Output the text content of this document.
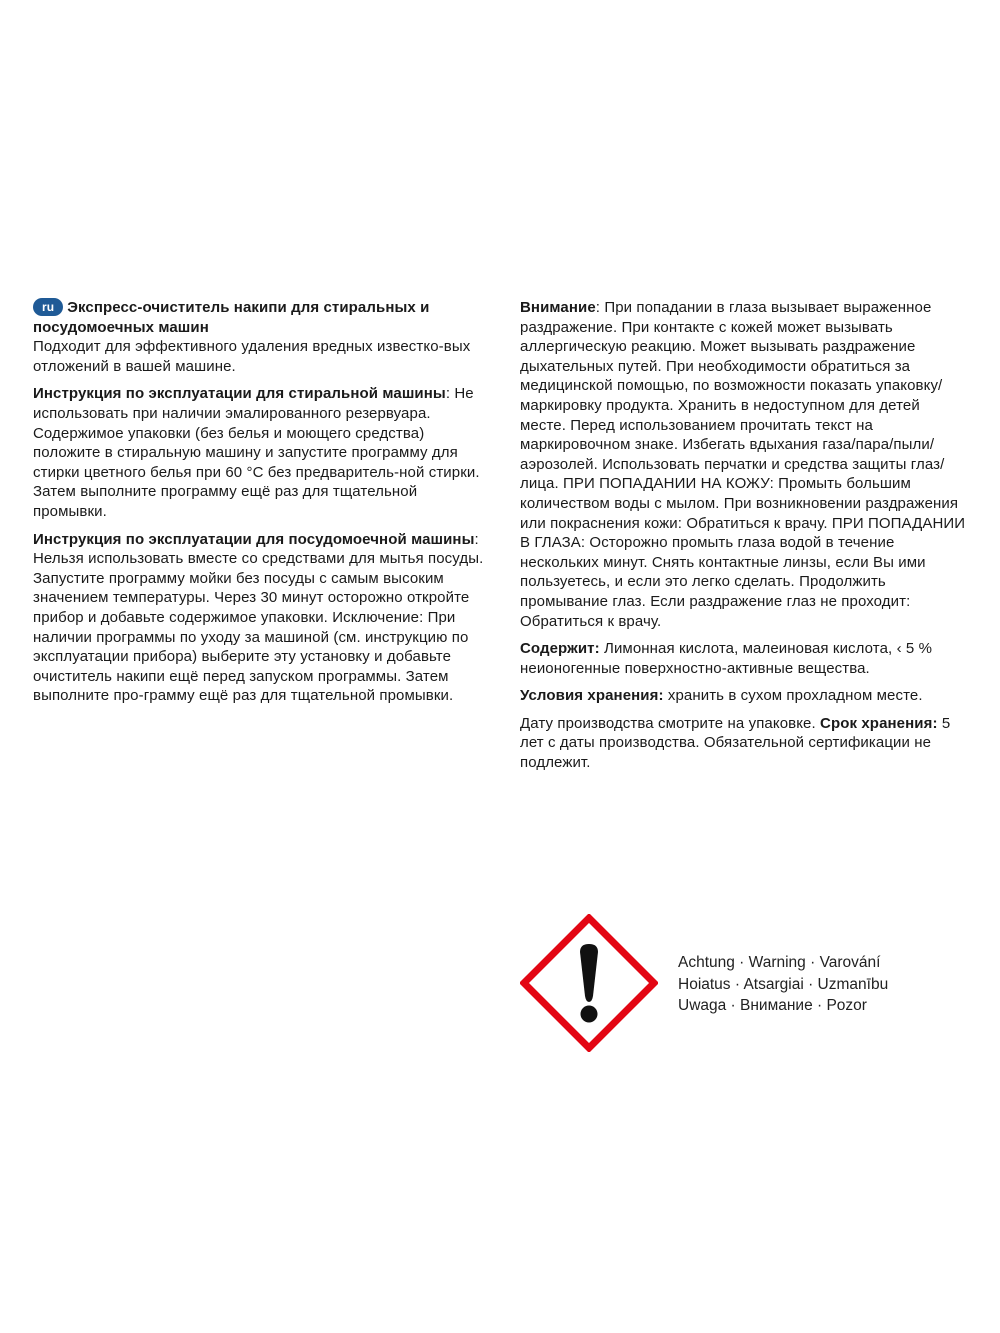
ru Экспресс-очиститель накипи для стиральных и посудомоечных машин

Подходит для эффективного удаления вредных известко-вых отложений в вашей машине.

Инструкция по эксплуатации для стиральной машины: Не использовать при наличии эмалированного резервуара. Содержимое упаковки (без белья и моющего средства) положите в стиральную машину и запустите программу для стирки цветного белья при 60 °C без предваритель-ной стирки. Затем выполните программу ещё раз для тщательной промывки.

Инструкция по эксплуатации для посудомоечной машины: Нельзя использовать вместе со средствами для мытья посуды. Запустите программу мойки без посуды с самым высоким значением температуры. Через 30 минут осторожно откройте прибор и добавьте содержимое упаковки. Исключение: При наличии программы по уходу за машиной (см. инструкцию по эксплуатации прибора) выберите эту установку и добавьте очиститель накипи ещё перед запуском программы. Затем выполните про-грамму ещё раз для тщательной промывки.

Внимание: При попадании в глаза вызывает выраженное раздражение. При контакте с кожей может вызывать аллергическую реакцию. Может вызывать раздражение дыхательных путей. При необходимости обратиться за медицинской помощью, по возможности показать упаковку/маркировку продукта. Хранить в недоступном для детей месте. Перед использованием прочитать текст на маркировочном знаке. Избегать вдыхания газа/пара/пыли/аэрозолей. Использовать перчатки и средства защиты глаз/лица. ПРИ ПОПАДАНИИ НА КОЖУ: Промыть большим количеством воды с мылом. При возникновении раздражения или покраснения кожи: Обратиться к врачу. ПРИ ПОПАДАНИИ В ГЛАЗА: Осторожно промыть глаза водой в течение нескольких минут. Снять контактные линзы, если Вы ими пользуетесь, и если это легко сделать. Продолжить промывание глаз. Если раздражение глаз не проходит: Обратиться к врачу.

Содержит: Лимонная кислота, малеиновая кислота, ‹ 5 % неионогенные поверхностно-активные вещества.

Условия хранения: хранить в сухом прохладном месте.

Дату производства смотрите на упаковке. Срок хранения: 5 лет с даты производства. Обязательной сертификации не подлежит.

Achtung · Warning · Varování
Hoiatus · Atsargiai · Uzmanību
Uwaga · Внимание · Pozor
